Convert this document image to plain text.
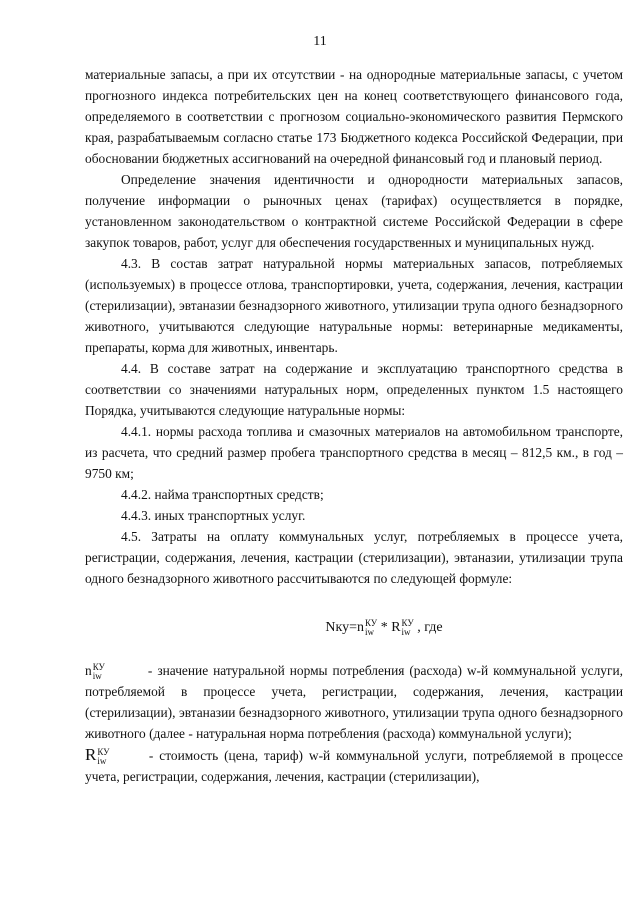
11

материальные запасы, а при их отсутствии - на однородные материальные запасы, с учетом прогнозного индекса потребительских цен на конец соответствующего финансового года, определяемого в соответствии с прогнозом социально-экономического развития Пермского края, разрабатываемым согласно статье 173 Бюджетного кодекса Российской Федерации, при обосновании бюджетных ассигнований на очередной финансовый год и плановый период.

Определение значения идентичности и однородности материальных запасов, получение информации о рыночных ценах (тарифах) осуществляется в порядке, установленном законодательством о контрактной системе Российской Федерации в сфере закупок товаров, работ, услуг для обеспечения государственных и муниципальных нужд.

4.3. В состав затрат натуральной нормы материальных запасов, потребляемых (используемых) в процессе отлова, транспортировки, учета, содержания, лечения, кастрации (стерилизации), эвтаназии безнадзорного животного, утилизации трупа одного безнадзорного животного, учитываются следующие натуральные нормы: ветеринарные медикаменты, препараты, корма для животных, инвентарь.

4.4. В составе затрат на содержание и эксплуатацию транспортного средства в соответствии со значениями натуральных норм, определенных пунктом 1.5 настоящего Порядка, учитываются следующие натуральные нормы:

4.4.1. нормы расхода топлива и смазочных материалов на автомобильном транспорте, из расчета, что средний размер пробега транспортного средства в месяц – 812,5 км., в год – 9750 км;

4.4.2. найма транспортных средств;

4.4.3. иных транспортных услуг.

4.5. Затраты на оплату коммунальных услуг, потребляемых в процессе учета, регистрации, содержания, лечения, кастрации (стерилизации), эвтаназии, утилизации трупа одного безнадзорного животного рассчитываются по следующей формуле:

Nку=n КУ
iw * R КУ
iw , где

n КУ
iw	- значение натуральной нормы потребления (расхода) w-й коммунальной услуги, потребляемой в процессе учета, регистрации, содержания, лечения, кастрации (стерилизации), эвтаназии безнадзорного животного, утилизации трупа одного безнадзорного животного (далее - натуральная норма потребления (расхода) коммунальной услуги);

R КУ
iw	- стоимость (цена, тариф) w-й коммунальной услуги, потребляемой в процессе учета, регистрации, содержания, лечения, кастрации (стерилизации),
